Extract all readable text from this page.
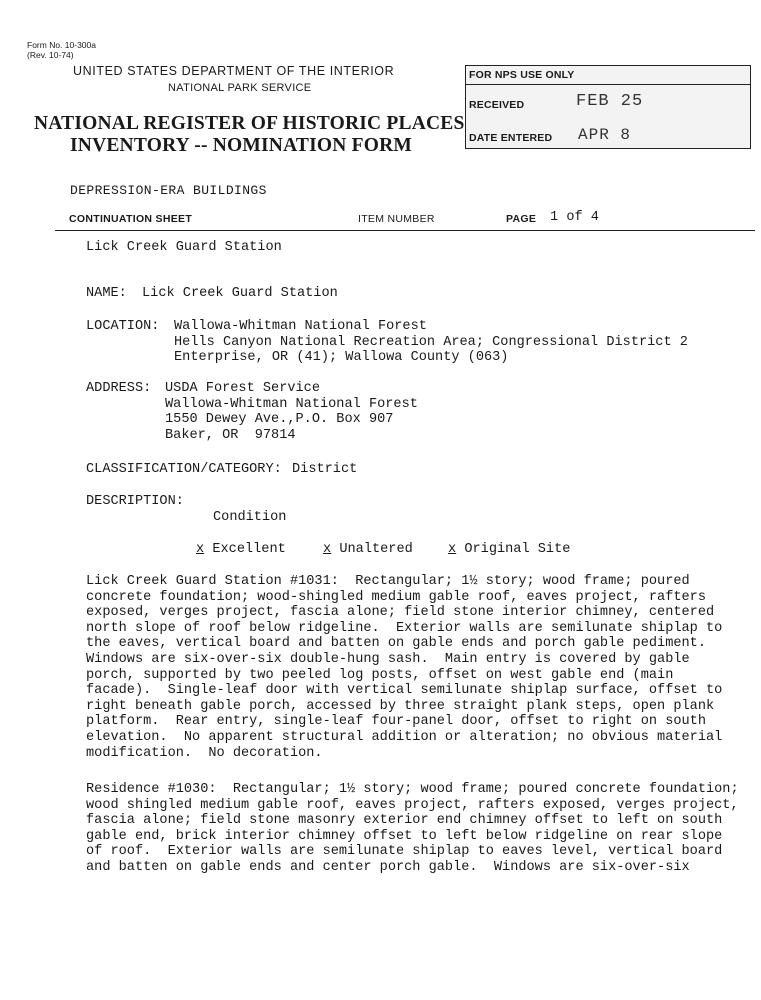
Form No. 10-300a
(Rev. 10-74)
UNITED STATES DEPARTMENT OF THE INTERIOR
NATIONAL PARK SERVICE
NATIONAL REGISTER OF HISTORIC PLACES
INVENTORY -- NOMINATION FORM
FOR NPS USE ONLY
RECEIVED	FEB 25
DATE ENTERED APR 8
DEPRESSION-ERA BUILDINGS
CONTINUATION SHEET	ITEM NUMBER	PAGE 1 of 4
Lick Creek Guard Station
NAME: Lick Creek Guard Station
LOCATION: Wallowa-Whitman National Forest
Hells Canyon National Recreation Area; Congressional District 2
Enterprise, OR (41); Wallowa County (063)
ADDRESS: USDA Forest Service
Wallowa-Whitman National Forest
1550 Dewey Ave.,P.O. Box 907
Baker, OR  97814
CLASSIFICATION/CATEGORY: District
DESCRIPTION:
Condition
x Excellent	x Unaltered	x Original Site
Lick Creek Guard Station #1031:  Rectangular; 1½ story; wood frame; poured
concrete foundation; wood-shingled medium gable roof, eaves project, rafters
exposed, verges project, fascia alone; field stone interior chimney, centered
north slope of roof below ridgeline.  Exterior walls are semilunate shiplap to
the eaves, vertical board and batten on gable ends and porch gable pediment.
Windows are six-over-six double-hung sash.  Main entry is covered by gable
porch, supported by two peeled log posts, offset on west gable end (main
facade).  Single-leaf door with vertical semilunate shiplap surface, offset to
right beneath gable porch, accessed by three straight plank steps, open plank
platform.  Rear entry, single-leaf four-panel door, offset to right on south
elevation.  No apparent structural addition or alteration; no obvious material
modification.  No decoration.
Residence #1030:  Rectangular; 1½ story; wood frame; poured concrete foundation;
wood shingled medium gable roof, eaves project, rafters exposed, verges project,
fascia alone; field stone masonry exterior end chimney offset to left on south
gable end, brick interior chimney offset to left below ridgeline on rear slope
of roof.  Exterior walls are semilunate shiplap to eaves level, vertical board
and batten on gable ends and center porch gable.  Windows are six-over-six
